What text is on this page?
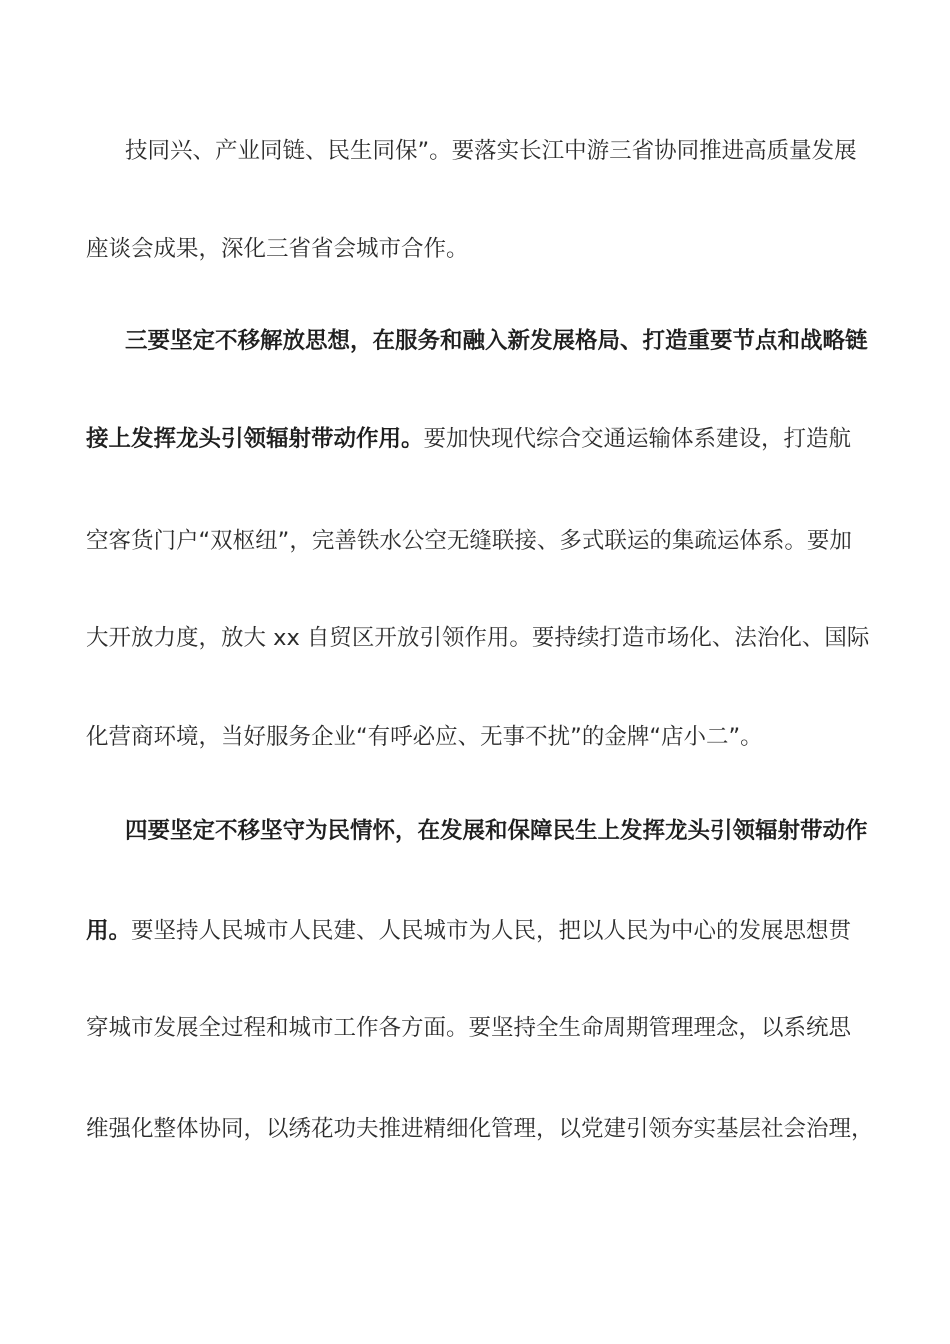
技同兴、产业同链、民生同保”。要落实长江中游三省协同推进高质量发展
座谈会成果，深化三省省会城市合作。
三要坚定不移解放思想，在服务和融入新发展格局、打造重要节点和战略链
接上发挥龙头引领辐射带动作用。要加快现代综合交通运输体系建设，打造航
空客货门户“双枢纽”，完善铁水公空无缝联接、多式联运的集疏运体系。要加
大开放力度，放大 xx 自贸区开放引领作用。要持续打造市场化、法治化、国际
化营商环境，当好服务企业“有呼必应、无事不扰”的金牌“店小二”。
四要坚定不移坚守为民情怀，在发展和保障民生上发挥龙头引领辐射带动作
用。要坚持人民城市人民建、人民城市为人民，把以人民为中心的发展思想贯
穿城市发展全过程和城市工作各方面。要坚持全生命周期管理理念，以系统思
维强化整体协同，以绣花功夫推进精细化管理，以党建引领夯实基层社会治理，
